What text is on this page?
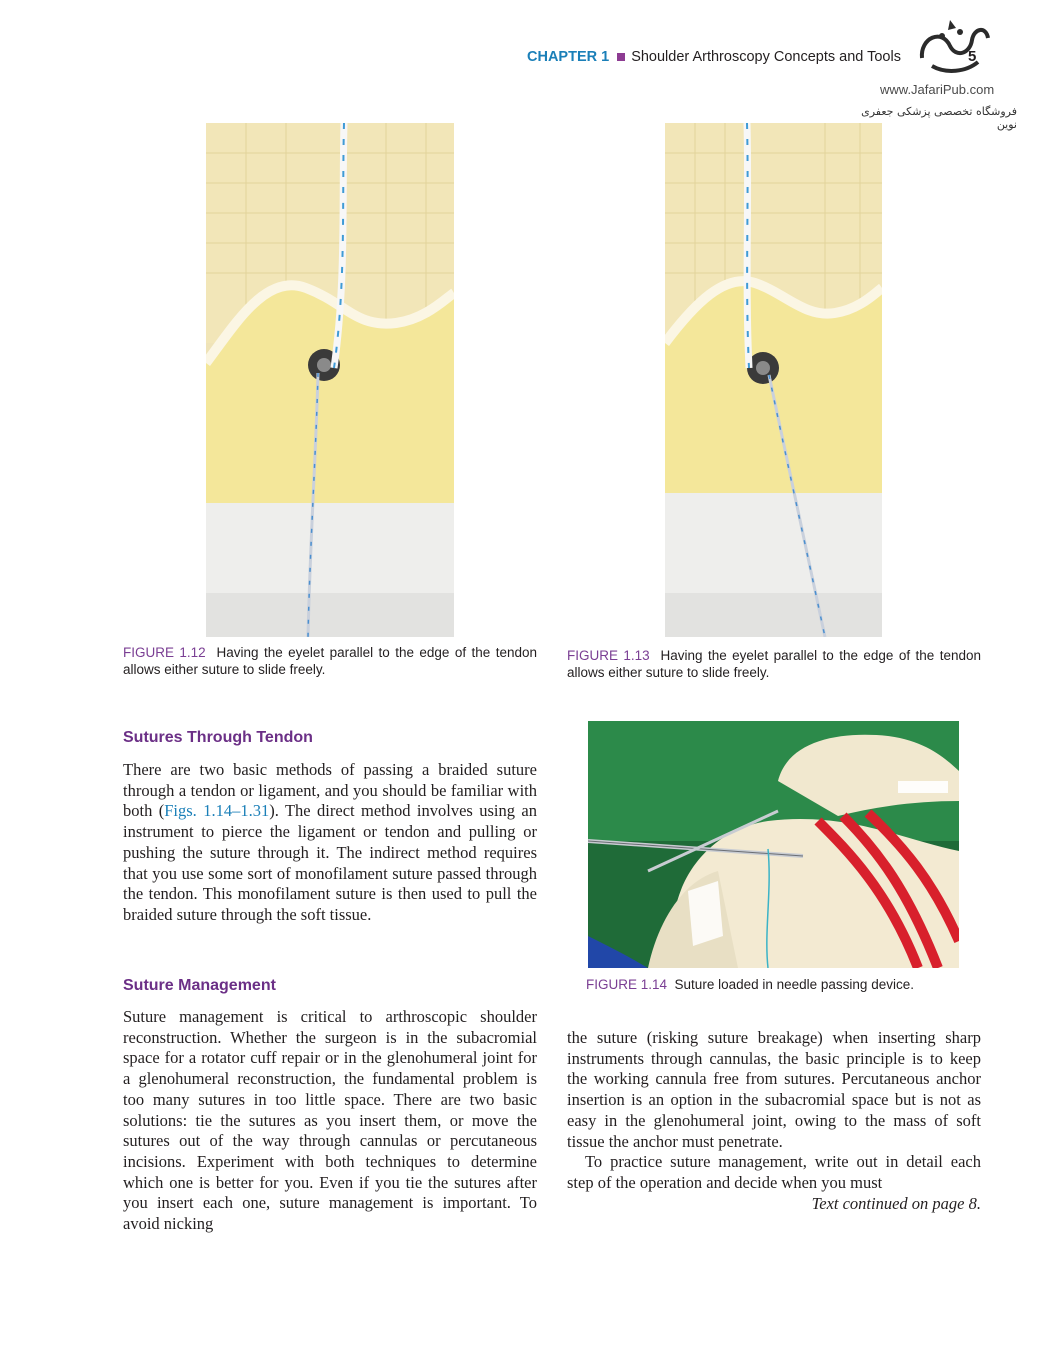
CHAPTER 1 Shoulder Arthroscopy Concepts and Tools	5
www.JafariPub.com
فروشگاه تخصصی پزشکی جعفری نوین
FIGURE 1.12 Having the eyelet parallel to the edge of the tendon allows either suture to slide freely.
FIGURE 1.13 Having the eyelet parallel to the edge of the tendon allows either suture to slide freely.
FIGURE 1.14 Suture loaded in needle passing device.
Sutures Through Tendon

There are two basic methods of passing a braided suture through a tendon or ligament, and you should be familiar with both (Figs. 1.14–1.31). The direct method involves using an instrument to pierce the ligament or tendon and pulling or pushing the suture through it. The indirect method requires that you use some sort of monofilament suture passed through the tendon. This monofilament suture is then used to pull the braided suture through the soft tissue.

Suture Management

Suture management is critical to arthroscopic shoulder reconstruction. Whether the surgeon is in the subacromial space for a rotator cuff repair or in the glenohumeral joint for a glenohumeral reconstruction, the fundamental problem is too many sutures in too little space. There are two basic solutions: tie the sutures as you insert them, or move the sutures out of the way through cannulas or percutaneous incisions. Experiment with both techniques to determine which one is better for you. Even if you tie the sutures after you insert each one, suture management is important. To avoid nicking

the suture (risking suture breakage) when inserting sharp instruments through cannulas, the basic principle is to keep the working cannula free from sutures. Percutaneous anchor insertion is an option in the subacromial space but is not as easy in the glenohumeral joint, owing to the mass of soft tissue the anchor must penetrate.

To practice suture management, write out in detail each step of the operation and decide when you must

Text continued on page 8.
